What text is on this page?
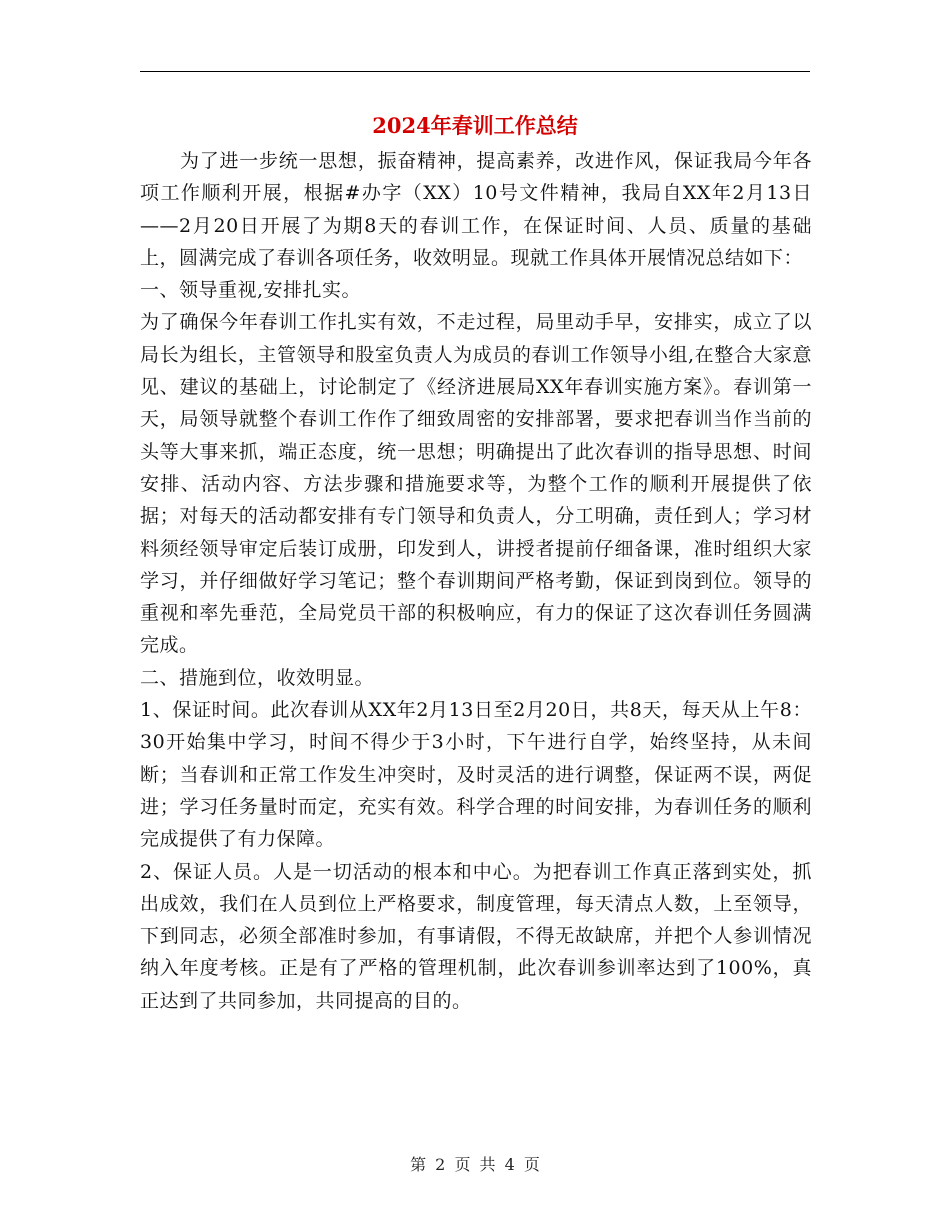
2024年春训工作总结

为了进一步统一思想，振奋精神，提高素养，改进作风，保证我局今年各项工作顺利开展，根据#办字（XX）10号文件精神，我局自XX年2月13日——2月20日开展了为期8天的春训工作，在保证时间、人员、质量的基础上，圆满完成了春训各项任务，收效明显。现就工作具体开展情况总结如下：

一、领导重视,安排扎实。

为了确保今年春训工作扎实有效，不走过程，局里动手早，安排实，成立了以局长为组长，主管领导和股室负责人为成员的春训工作领导小组,在整合大家意见、建议的基础上，讨论制定了《经济进展局XX年春训实施方案》。春训第一天，局领导就整个春训工作作了细致周密的安排部署，要求把春训当作当前的头等大事来抓，端正态度，统一思想；明确提出了此次春训的指导思想、时间安排、活动内容、方法步骤和措施要求等，为整个工作的顺利开展提供了依据；对每天的活动都安排有专门领导和负责人，分工明确，责任到人；学习材料须经领导审定后装订成册，印发到人，讲授者提前仔细备课，准时组织大家学习，并仔细做好学习笔记；整个春训期间严格考勤，保证到岗到位。领导的重视和率先垂范，全局党员干部的积极响应，有力的保证了这次春训任务圆满完成。

二、措施到位，收效明显。

1、保证时间。此次春训从XX年2月13日至2月20日，共8天，每天从上午8：30开始集中学习，时间不得少于3小时，下午进行自学，始终坚持，从未间断；当春训和正常工作发生冲突时，及时灵活的进行调整，保证两不误，两促进；学习任务量时而定，充实有效。科学合理的时间安排，为春训任务的顺利完成提供了有力保障。

2、保证人员。人是一切活动的根本和中心。为把春训工作真正落到实处，抓出成效，我们在人员到位上严格要求，制度管理，每天清点人数，上至领导，下到同志，必须全部准时参加，有事请假，不得无故缺席，并把个人参训情况纳入年度考核。正是有了严格的管理机制，此次春训参训率达到了100%，真正达到了共同参加，共同提高的目的。

第 2 页 共 4 页
